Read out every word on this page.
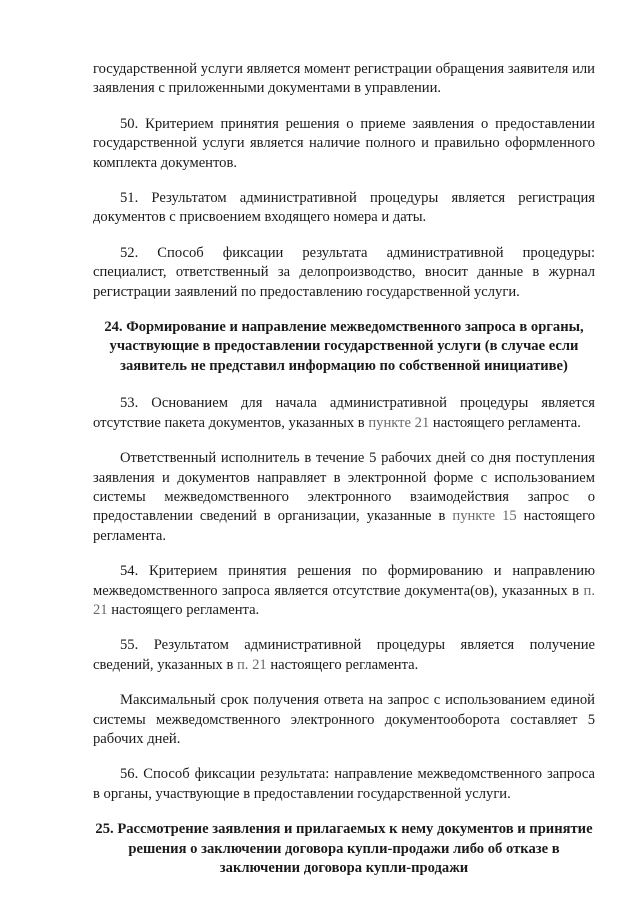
государственной услуги является момент регистрации обращения заявителя или заявления с приложенными документами в управлении.

50. Критерием принятия решения о приеме заявления о предоставлении государственной услуги является наличие полного и правильно оформленного комплекта документов.

51. Результатом административной процедуры является регистрация документов с присвоением входящего номера и даты.

52. Способ фиксации результата административной процедуры: специалист, ответственный за делопроизводство, вносит данные в журнал регистрации заявлений по предоставлению государственной услуги.

24. Формирование и направление межведомственного запроса в органы, участвующие в предоставлении государственной услуги (в случае если заявитель не представил информацию по собственной инициативе)

53. Основанием для начала административной процедуры является отсутствие пакета документов, указанных в пункте 21 настоящего регламента.

Ответственный исполнитель в течение 5 рабочих дней со дня поступления заявления и документов направляет в электронной форме с использованием системы межведомственного электронного взаимодействия запрос о предоставлении сведений в организации, указанные в пункте 15 настоящего регламента.

54. Критерием принятия решения по формированию и направлению межведомственного запроса является отсутствие документа(ов), указанных в п. 21 настоящего регламента.

55. Результатом административной процедуры является получение сведений, указанных в п. 21 настоящего регламента.

Максимальный срок получения ответа на запрос с использованием единой системы межведомственного электронного документооборота составляет 5 рабочих дней.

56. Способ фиксации результата: направление межведомственного запроса в органы, участвующие в предоставлении государственной услуги.

25. Рассмотрение заявления и прилагаемых к нему документов и принятие решения о заключении договора купли-продажи либо об отказе в заключении договора купли-продажи
